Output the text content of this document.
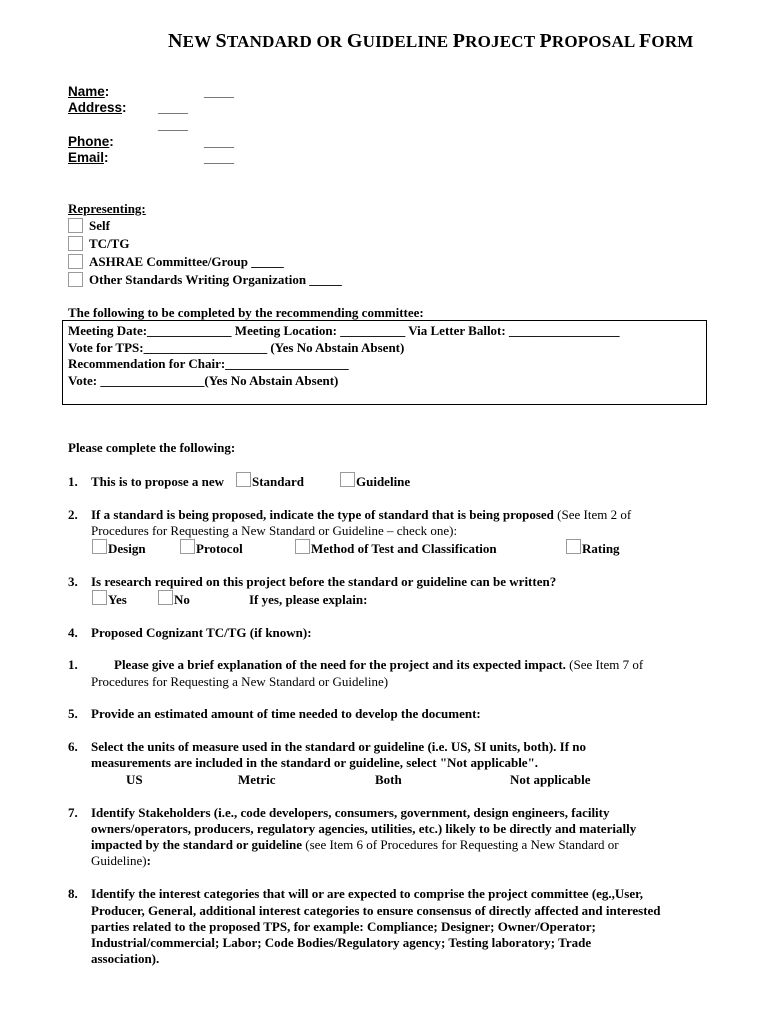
NEW STANDARD OR GUIDELINE PROJECT PROPOSAL FORM
Name:	____
Address: ____
____
Phone:	____
Email:	____
Representing:
Self
TC/TG
ASHRAE Committee/Group _____
Other Standards Writing Organization _____
The following to be completed by the recommending committee:
Meeting Date:_____________ Meeting Location: __________ Via Letter Ballot: _________________
Vote for TPS:___________________ (Yes No Abstain Absent)
Recommendation for Chair:___________________
Vote: ________________(Yes No Abstain Absent)
Please complete the following:
1. This is to propose a new Standard	Guideline
2. If a standard is being proposed, indicate the type of standard that is being proposed (See Item 2 of
Procedures for Requesting a New Standard or Guideline – check one):
Design	Protocol	Method of Test and Classification	Rating
3. Is research required on this project before the standard or guideline can be written?
Yes	No	If yes, please explain:
4. Proposed Cognizant TC/TG (if known):
1.	Please give a brief explanation of the need for the project and its expected impact. (See Item 7 of
Procedures for Requesting a New Standard or Guideline)
5. Provide an estimated amount of time needed to develop the document:
6. Select the units of measure used in the standard or guideline (i.e. US, SI units, both). If no
measurements are included in the standard or guideline, select "Not applicable".
US	Metric	Both	Not applicable
7. Identify Stakeholders (i.e., code developers, consumers, government, design engineers, facility
owners/operators, producers, regulatory agencies, utilities, etc.) likely to be directly and materially
impacted by the standard or guideline (see Item 6 of Procedures for Requesting a New Standard or
Guideline):
8. Identify the interest categories that will or are expected to comprise the project committee (eg.,User,
Producer, General, additional interest categories to ensure consensus of directly affected and interested
parties related to the proposed TPS, for example: Compliance; Designer; Owner/Operator;
Industrial/commercial; Labor; Code Bodies/Regulatory agency; Testing laboratory; Trade
association).
